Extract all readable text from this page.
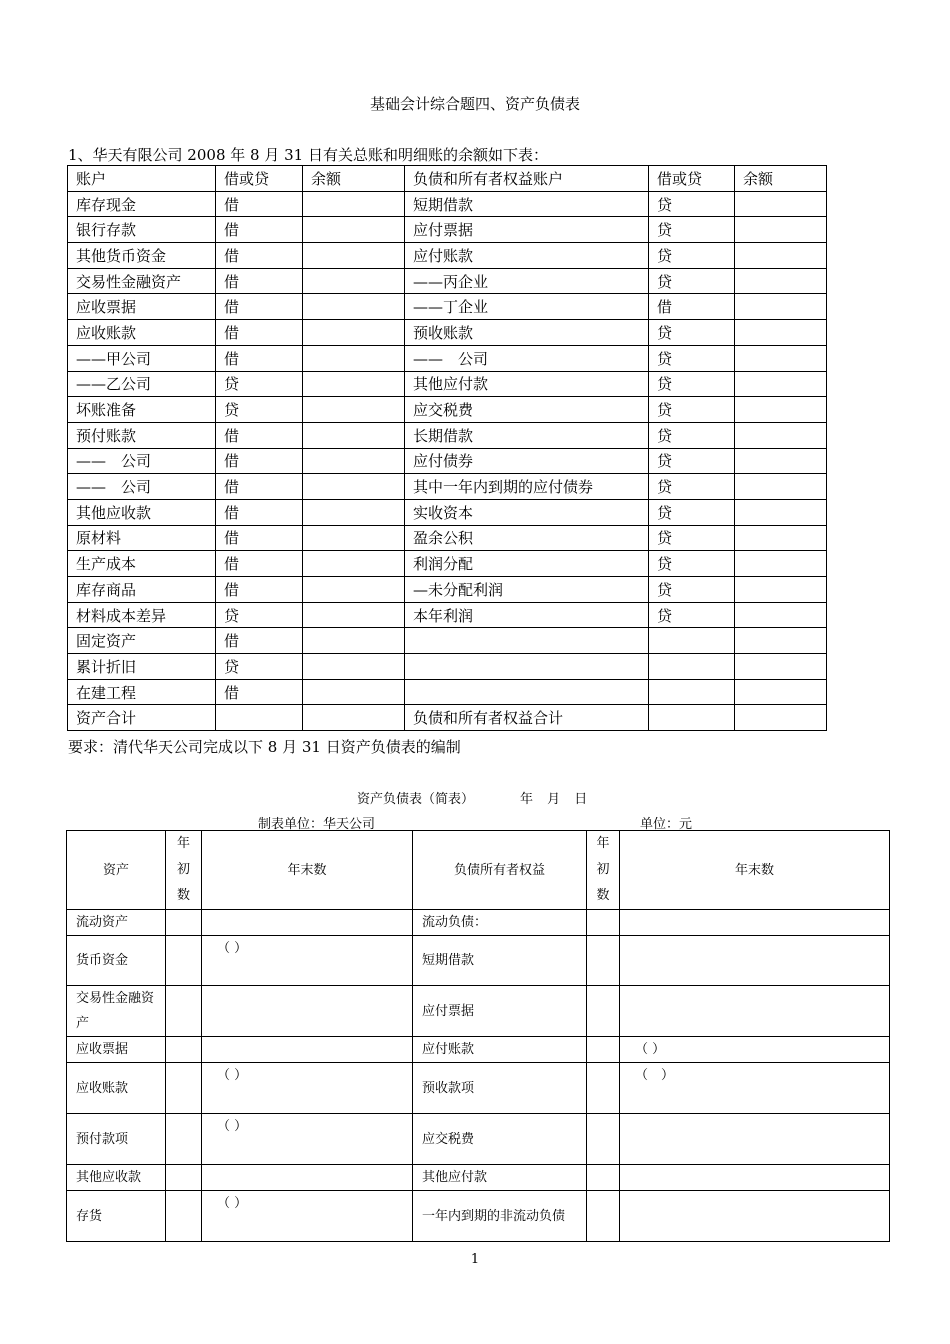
基础会计综合题四、资产负债表
1、华天有限公司 2008 年 8 月 31 日有关总账和明细账的余额如下表：
账户	借或贷	余额	负债和所有者权益账户	借或贷	余额
库存现金	借		短期借款	贷	
银行存款	借		应付票据	贷	
其他货币资金	借		应付账款	贷	
交易性金融资产	借		——丙企业	贷	
应收票据	借		——丁企业	借	
应收账款	借		预收账款	贷	
——甲公司	借		——　公司	贷	
——乙公司	贷		其他应付款	贷	
坏账准备	贷		应交税费	贷	
预付账款	借		长期借款	贷	
——　公司	借		应付债券	贷	
——　公司	借		其中一年内到期的应付债券	贷	
其他应收款	借		实收资本	贷	
原材料	借		盈余公积	贷	
生产成本	借		利润分配	贷	
库存商品	借		—未分配利润	贷	
材料成本差异	贷		本年利润	贷	
固定资产	借				
累计折旧	贷				
在建工程	借				
资产合计			负债和所有者权益合计		
要求：清代华天公司完成以下 8 月 31 日资产负债表的编制
资产负债表（简表）	年 月 日
制表单位：华天公司	单位：元
资产	年
初
数	年末数	负债所有者权益	年
初
数	年末数
流动资产			流动负债：		
货币资金		（ ）	短期借款		
交易性金融资产			应付票据		
应收票据			应付账款		（ ）

应收账款		（ ）	预收款项		（　）

预付款项		（ ）	应交税费		
其他应收款			其他应付款		
存货		（ ）	一年内到期的非流动负债		
1
